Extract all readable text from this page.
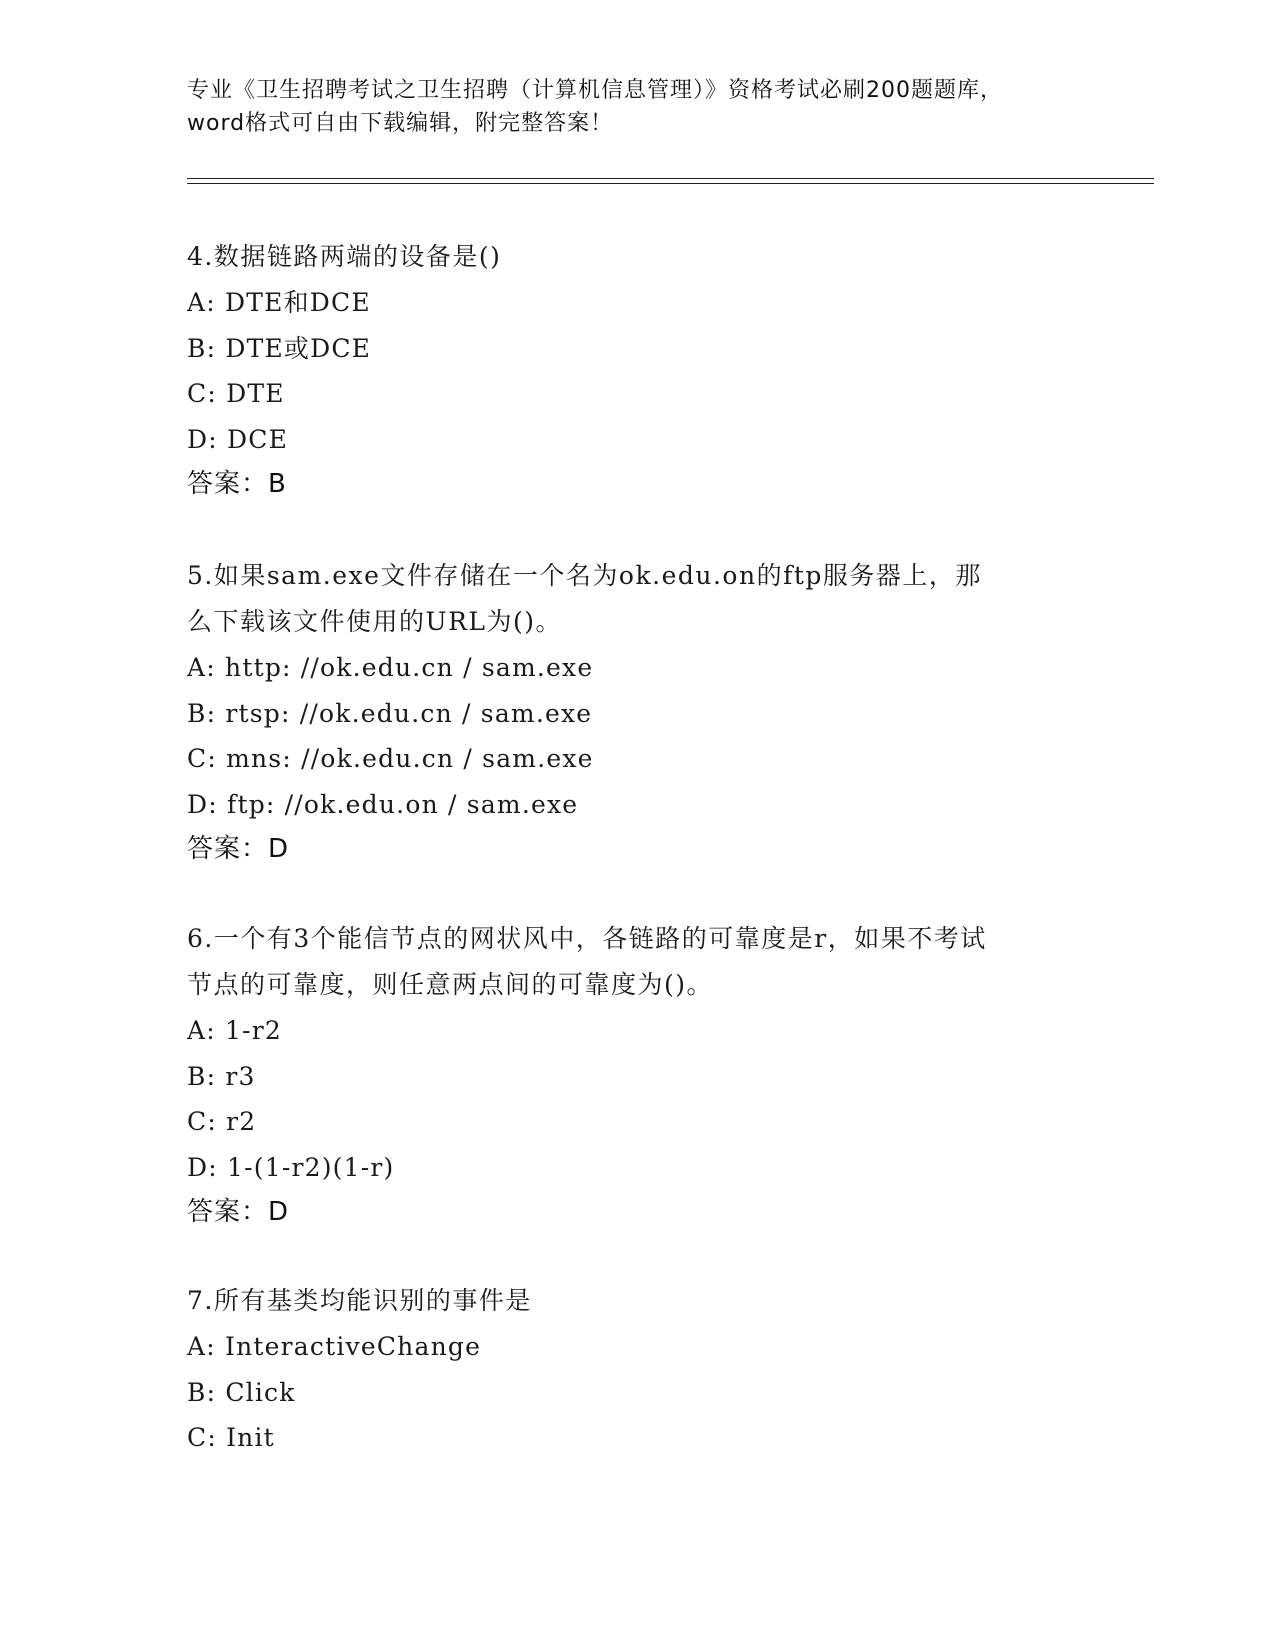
专业《卫生招聘考试之卫生招聘（计算机信息管理）》资格考试必刷200题题库，
word格式可自由下载编辑，附完整答案！
4.数据链路两端的设备是()
A: DTE和DCE
B: DTE或DCE
C: DTE
D: DCE
答案：B
5.如果sam.exe文件存储在一个名为ok.edu.on的ftp服务器上，那
么下载该文件使用的URL为()。
A: http: //ok.edu.cn / sam.exe
B: rtsp: //ok.edu.cn / sam.exe
C: mns: //ok.edu.cn / sam.exe
D: ftp: //ok.edu.on / sam.exe
答案：D
6.一个有3个能信节点的网状风中，各链路的可靠度是r，如果不考试
节点的可靠度，则任意两点间的可靠度为()。
A: 1-r2
B: r3
C: r2
D: 1-(1-r2)(1-r)
答案：D
7.所有基类均能识别的事件是
A: InteractiveChange
B: Click
C: Init
